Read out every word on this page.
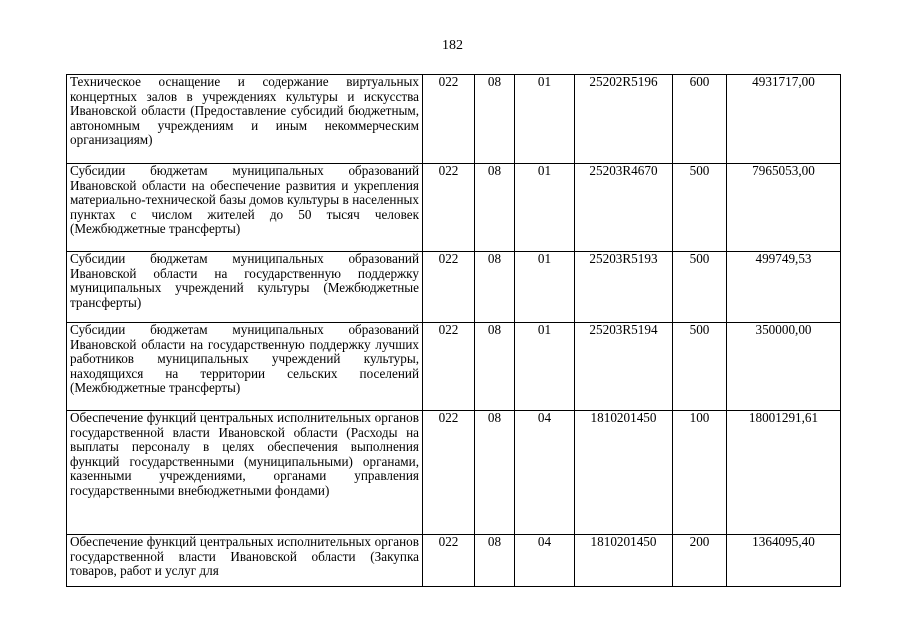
182
Техническое оснащение и содержание виртуальных концертных залов в учреждениях культуры и искусства Ивановской области (Предоставление субсидий бюджетным, автономным учреждениям и иным некоммерческим организациям)	022	08	01	25202R5196	600	4931717,00
Субсидии бюджетам муниципальных образований Ивановской области на обеспечение развития и укрепления материально-технической базы домов культуры в населенных пунктах с числом жителей до 50 тысяч человек (Межбюджетные трансферты)	022	08	01	25203R4670	500	7965053,00
Субсидии бюджетам муниципальных образований Ивановской области на государственную поддержку муниципальных учреждений культуры (Межбюджетные трансферты)	022	08	01	25203R5193	500	499749,53
Субсидии бюджетам муниципальных образований Ивановской области на государственную поддержку лучших работников муниципальных учреждений культуры, находящихся на территории сельских поселений (Межбюджетные трансферты)	022	08	01	25203R5194	500	350000,00
Обеспечение функций центральных исполнительных органов государственной власти Ивановской области (Расходы на выплаты персоналу в целях обеспечения выполнения функций государственными (муниципальными) органами, казенными учреждениями, органами управления государственными внебюджетными фондами)	022	08	04	1810201450	100	18001291,61
Обеспечение функций центральных исполнительных органов государственной власти Ивановской области (Закупка товаров, работ и услуг для	022	08	04	1810201450	200	1364095,40
